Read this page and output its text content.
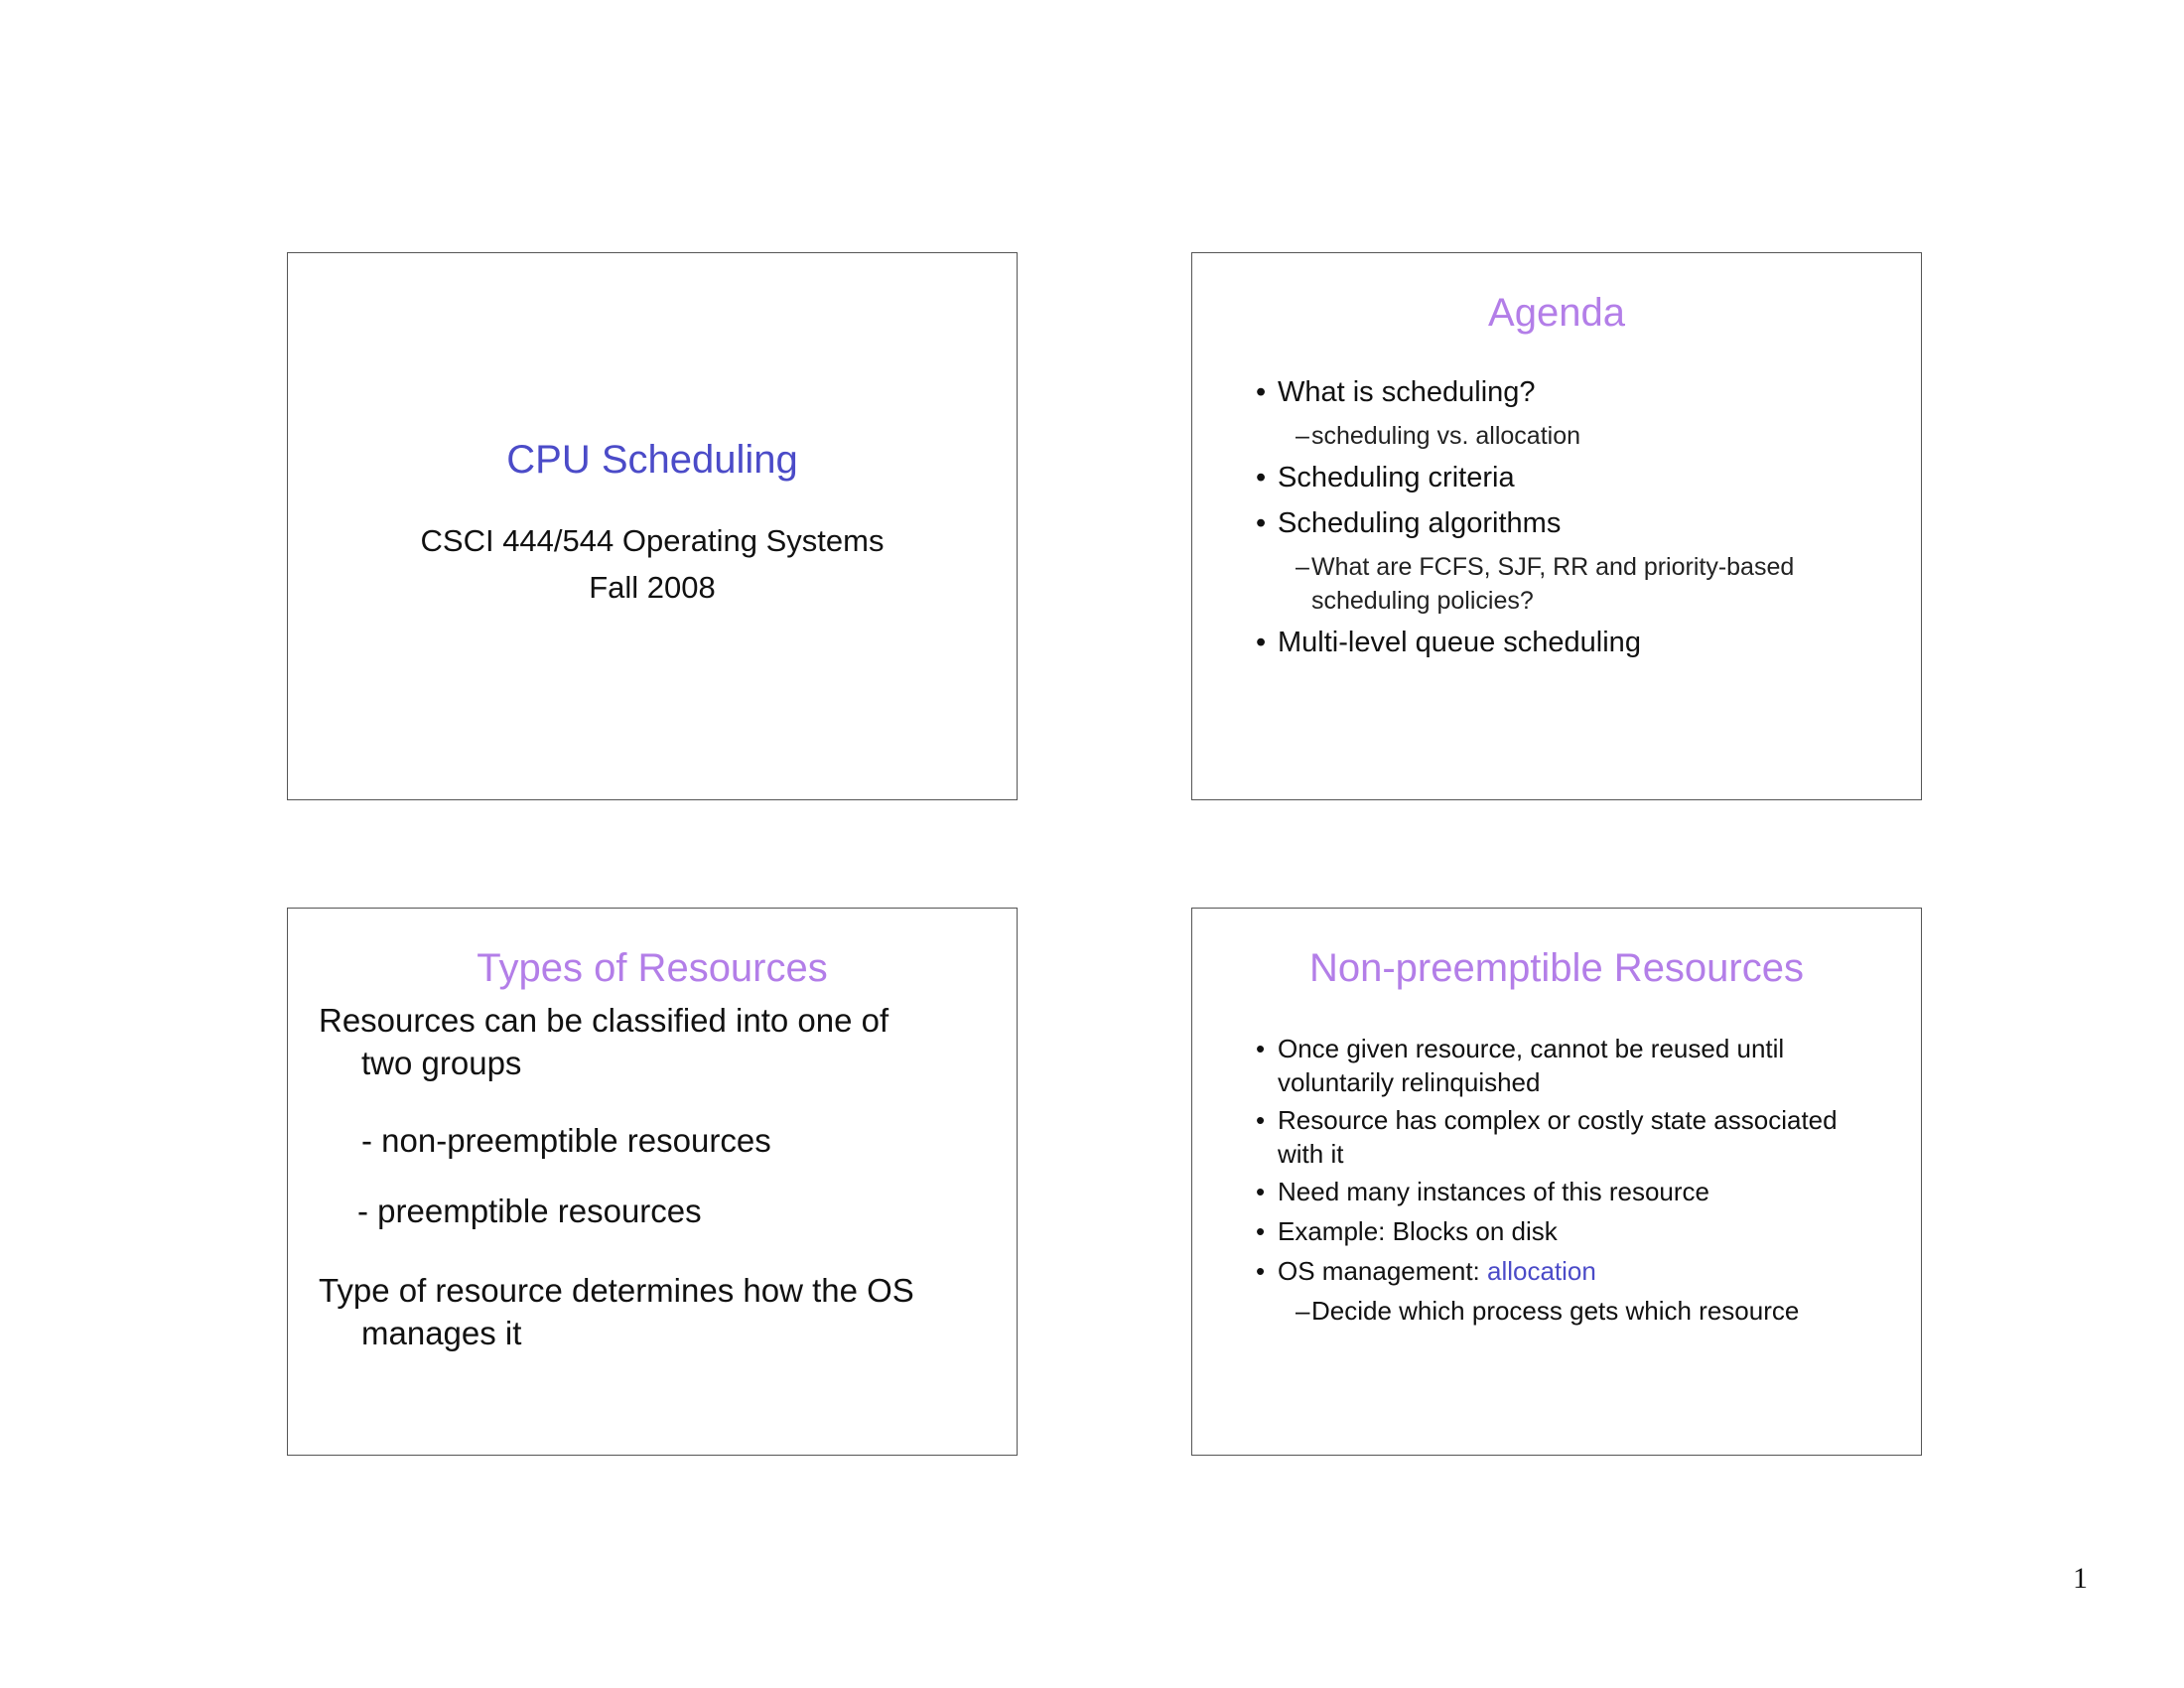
CPU Scheduling
CSCI 444/544 Operating Systems
Fall 2008
Agenda
• What is scheduling?
–scheduling vs. allocation
• Scheduling criteria
• Scheduling algorithms
–What are FCFS, SJF, RR and priority-based
scheduling policies?
• Multi-level queue scheduling
Types of Resources
Resources can be classified into one of
two groups
- non-preemptible resources
- preemptible resources
Type of resource determines how the OS
manages it
Non-preemptible Resources
• Once given resource, cannot be reused until
voluntarily relinquished
• Resource has complex or costly state associated
with it
• Need many instances of this resource
• Example: Blocks on disk
• OS management: allocation
–Decide which process gets which resource
1
